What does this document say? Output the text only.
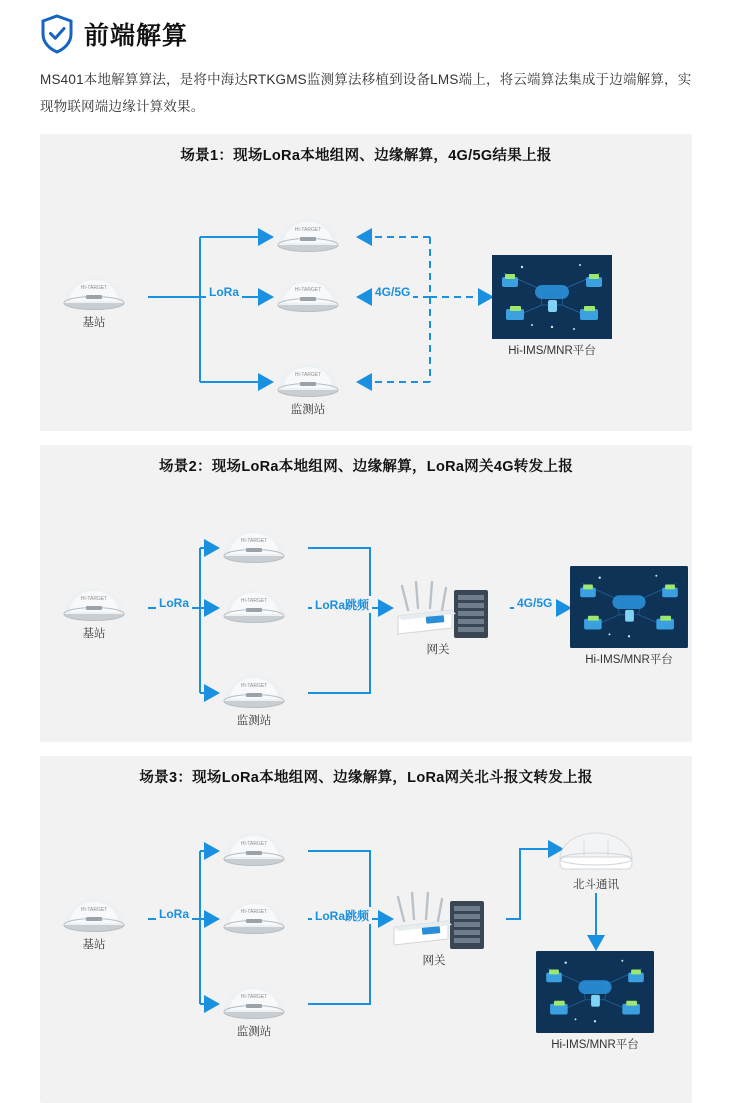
前端解算
MS401本地解算算法，是将中海达RTKGMS监测算法移植到设备LMS端上，将云端算法集成于边端解算，实现物联网端边缘计算效果。
场景1：现场LoRa本地组网、边缘解算，4G/5G结果上报
HI-TARGET
基站
HI-TARGET
HI-TARGET
HI-TARGET
监测站
Hi-IMS/MNR平台
LoRa	4G/5G
场景2：现场LoRa本地组网、边缘解算，LoRa网关4G转发上报
HI-TARGET
基站
HI-TARGET
HI-TARGET
HI-TARGET
监测站
网关
Hi-IMS/MNR平台
LoRa	LoRa跳频	4G/5G
场景3：现场LoRa本地组网、边缘解算，LoRa网关北斗报文转发上报
HI-TARGET
基站
HI-TARGET
HI-TARGET
HI-TARGET
监测站
网关
北斗通讯
Hi-IMS/MNR平台
LoRa	LoRa跳频
